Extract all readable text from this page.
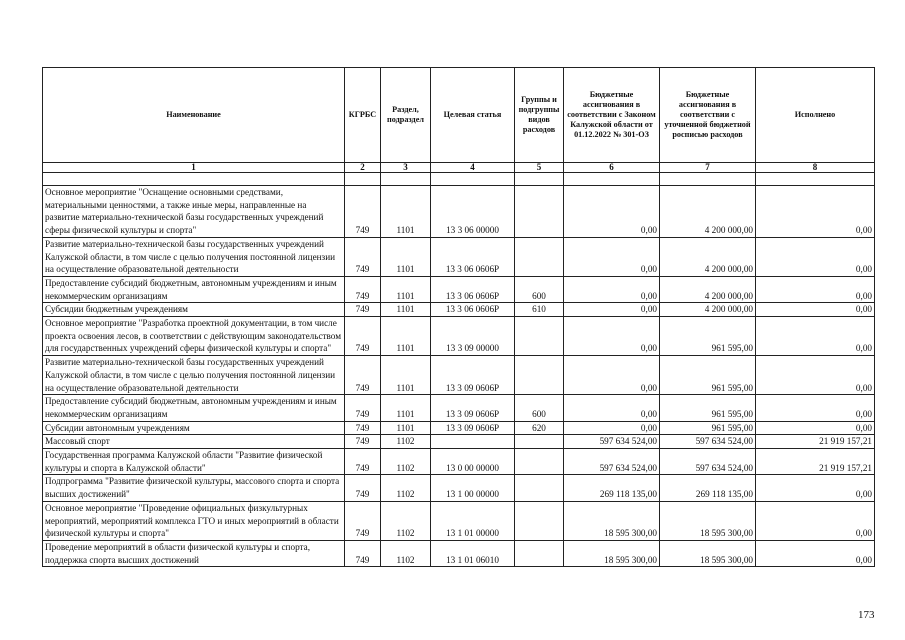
Наименование	КГРБС	Раздел, подраздел	Целевая статья	Группы и подгруппы видов расходов	Бюджетные ассигнования в соответствии с Законом Калужской области от 01.12.2022 № 301-ОЗ	Бюджетные ассигнования в соответствии с уточненной бюджетной росписью расходов	Исполнено
1	2	3	4	5	6	7	8

Основное мероприятие "Оснащение основными средствами, материальными ценностями, а также иные меры, направленные на развитие материально-технической базы государственных учреждений сферы физической культуры и спорта"	749	1101	13 3 06 00000		0,00	4 200 000,00	0,00
Развитие материально-технической базы государственных учреждений Калужской области, в том числе с целью получения постоянной лицензии на осуществление образовательной деятельности	749	1101	13 3 06 0606Р		0,00	4 200 000,00	0,00
Предоставление субсидий бюджетным, автономным учреждениям и иным некоммерческим организациям	749	1101	13 3 06 0606Р	600	0,00	4 200 000,00	0,00
Субсидии бюджетным учреждениям	749	1101	13 3 06 0606Р	610	0,00	4 200 000,00	0,00
Основное мероприятие "Разработка проектной документации, в том числе проекта освоения лесов, в соответствии с действующим законодательством для государственных учреждений сферы физической культуры и спорта"	749	1101	13 3 09 00000		0,00	961 595,00	0,00
Развитие материально-технической базы государственных учреждений Калужской области, в том числе с целью получения постоянной лицензии на осуществление образовательной деятельности	749	1101	13 3 09 0606Р		0,00	961 595,00	0,00
Предоставление субсидий бюджетным, автономным учреждениям и иным некоммерческим организациям	749	1101	13 3 09 0606Р	600	0,00	961 595,00	0,00
Субсидии автономным учреждениям	749	1101	13 3 09 0606Р	620	0,00	961 595,00	0,00
Массовый спорт	749	1102			597 634 524,00	597 634 524,00	21 919 157,21
Государственная программа Калужской области "Развитие физической культуры и спорта в Калужской области"	749	1102	13 0 00 00000		597 634 524,00	597 634 524,00	21 919 157,21
Подпрограмма "Развитие физической культуры, массового спорта и спорта высших достижений"	749	1102	13 1 00 00000		269 118 135,00	269 118 135,00	0,00
Основное мероприятие "Проведение официальных физкультурных мероприятий, мероприятий комплекса ГТО и иных мероприятий в области физической культуры и спорта"	749	1102	13 1 01 00000		18 595 300,00	18 595 300,00	0,00
Проведение мероприятий в области физической культуры и спорта, поддержка спорта высших достижений	749	1102	13 1 01 06010		18 595 300,00	18 595 300,00	0,00
173
